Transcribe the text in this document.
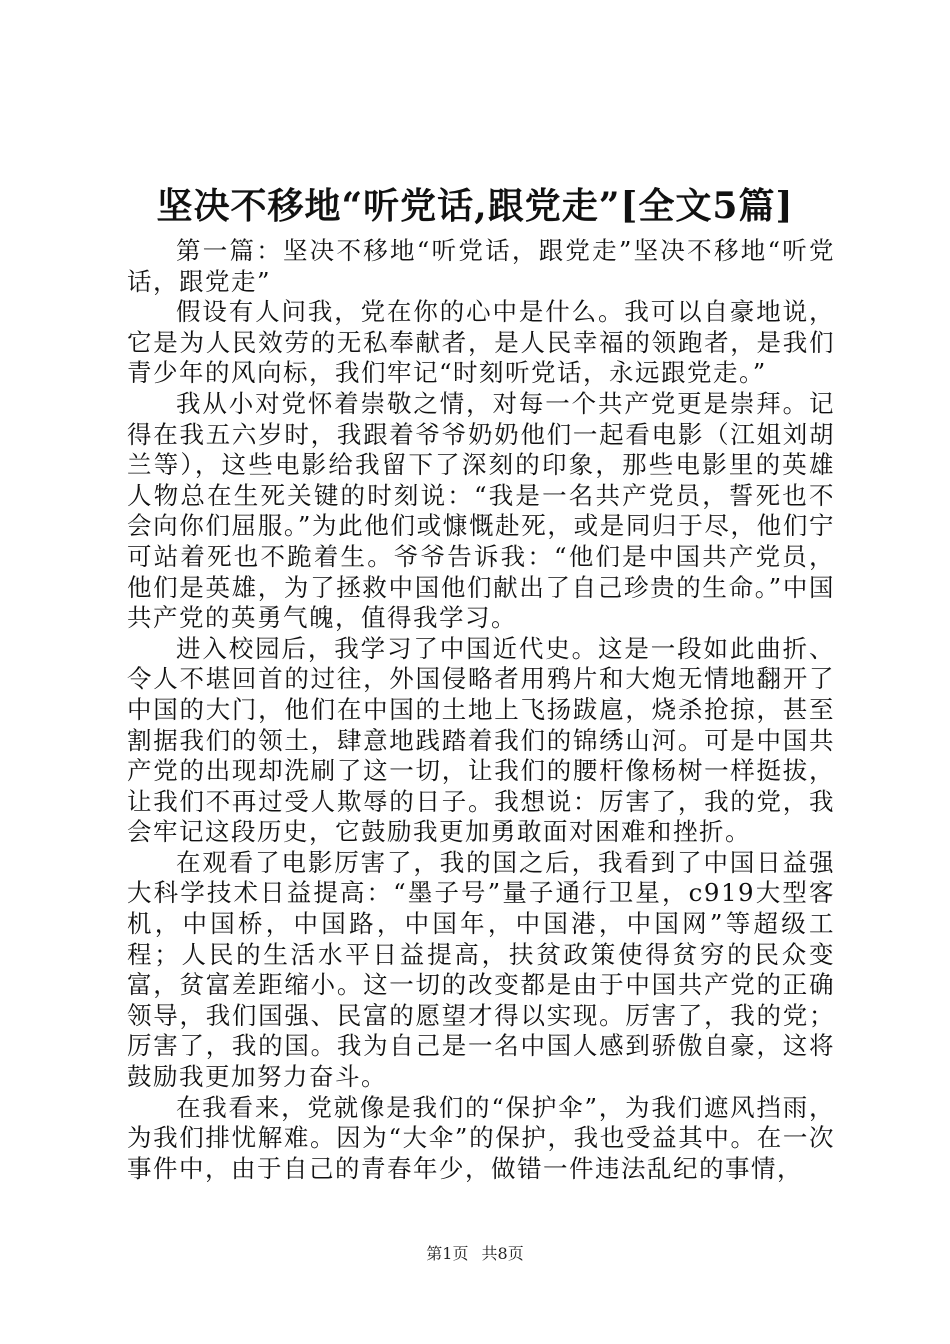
坚决不移地“听党话,跟党走”[全文5篇]

第一篇：坚决不移地“听党话，跟党走”坚决不移地“听党话，跟党走”

假设有人问我，党在你的心中是什么。我可以自豪地说，它是为人民效劳的无私奉献者，是人民幸福的领跑者，是我们青少年的风向标，我们牢记“时刻听党话，永远跟党走。”

我从小对党怀着崇敬之情，对每一个共产党更是崇拜。记得在我五六岁时，我跟着爷爷奶奶他们一起看电影（江姐刘胡兰等），这些电影给我留下了深刻的印象，那些电影里的英雄人物总在生死关键的时刻说：“我是一名共产党员，誓死也不会向你们屈服。”为此他们或慷慨赴死，或是同归于尽，他们宁可站着死也不跪着生。爷爷告诉我：“他们是中国共产党员，他们是英雄，为了拯救中国他们献出了自己珍贵的生命。”中国共产党的英勇气魄，值得我学习。

进入校园后，我学习了中国近代史。这是一段如此曲折、令人不堪回首的过往，外国侵略者用鸦片和大炮无情地翻开了中国的大门，他们在中国的土地上飞扬跋扈，烧杀抢掠，甚至割据我们的领土，肆意地践踏着我们的锦绣山河。可是中国共产党的出现却洗刷了这一切，让我们的腰杆像杨树一样挺拔，让我们不再过受人欺辱的日子。我想说：厉害了，我的党，我会牢记这段历史，它鼓励我更加勇敢面对困难和挫折。

在观看了电影厉害了，我的国之后，我看到了中国日益强大科学技术日益提高：“墨子号”量子通行卫星，c919大型客机，中国桥，中国路，中国年，中国港，中国网”等超级工程；人民的生活水平日益提高，扶贫政策使得贫穷的民众变富，贫富差距缩小。这一切的改变都是由于中国共产党的正确领导，我们国强、民富的愿望才得以实现。厉害了，我的党；厉害了，我的国。我为自己是一名中国人感到骄傲自豪，这将鼓励我更加努力奋斗。

在我看来，党就像是我们的“保护伞”，为我们遮风挡雨，为我们排忧解难。因为“大伞”的保护，我也受益其中。在一次事件中，由于自己的青春年少，做错一件违法乱纪的事情，

第1页 共8页
